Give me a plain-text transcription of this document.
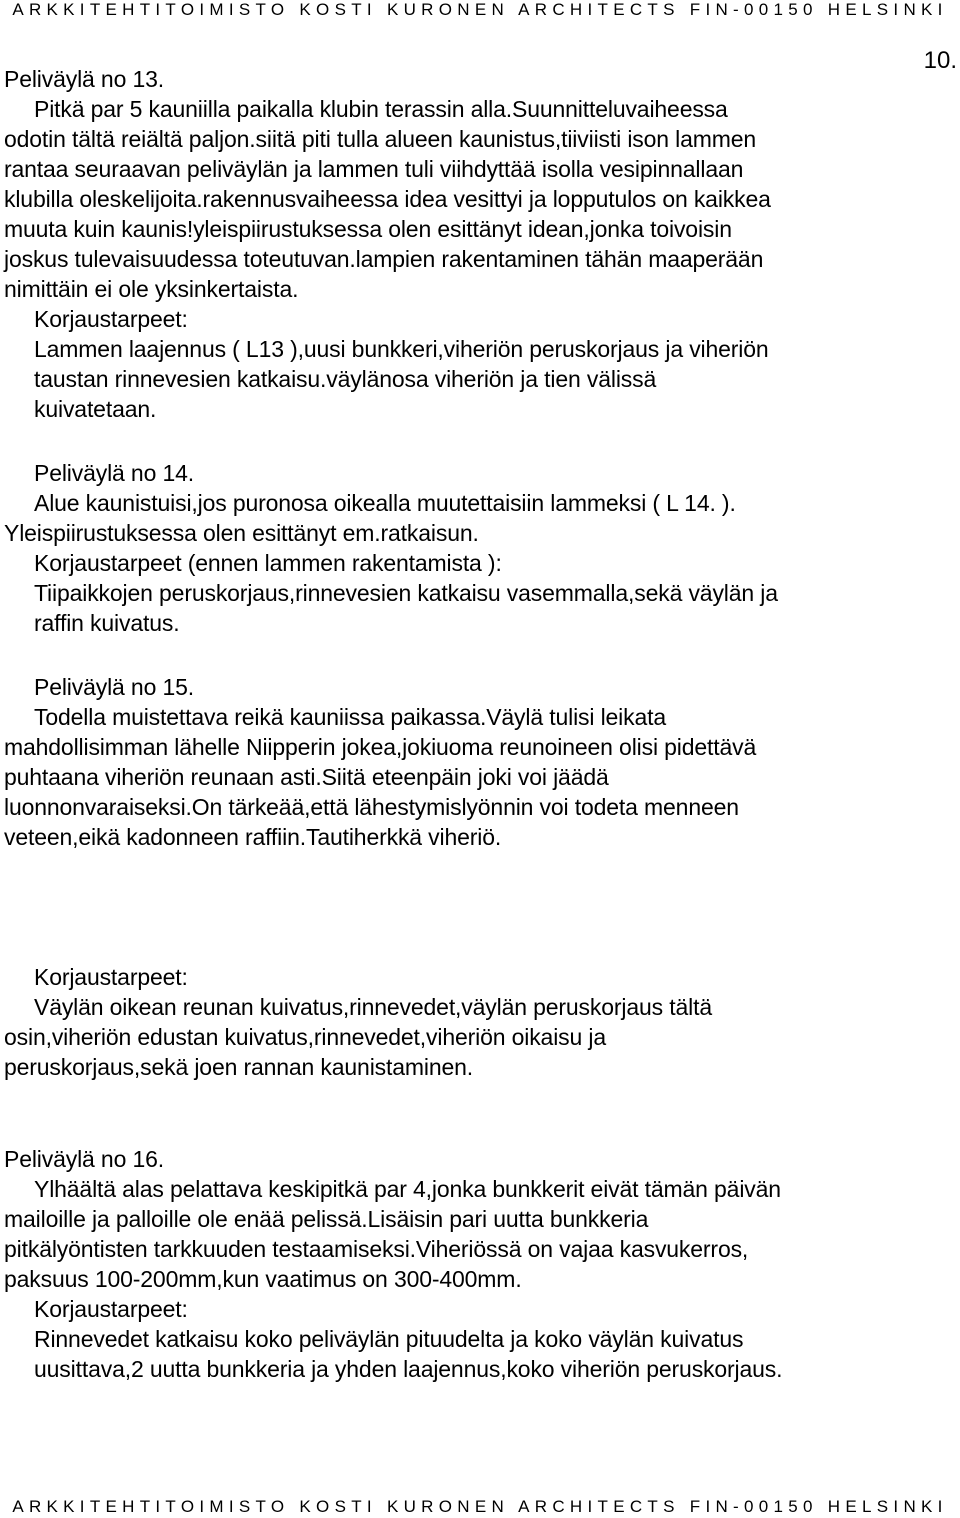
ARKKITEHTITOIMISTO KOSTI KURONEN ARCHITECTS FIN-00150 HELSINKI
10.
Peliväylä no 13.
Pitkä par 5 kauniilla paikalla klubin terassin alla.Suunnitteluvaiheessa
odotin tältä reiältä paljon.siitä piti tulla alueen kaunistus,tiiviisti ison lammen
rantaa seuraavan peliväylän ja lammen tuli viihdyttää isolla vesipinnallaan
klubilla oleskelijoita.rakennusvaiheessa idea vesittyi ja lopputulos on kaikkea
muuta kuin kaunis!yleispiirustuksessa olen esittänyt idean,jonka toivoisin
joskus tulevaisuudessa toteutuvan.lampien rakentaminen tähän maaperään
nimittäin ei ole yksinkertaista.
Korjaustarpeet:
Lammen laajennus ( L13 ),uusi bunkkeri,viheriön peruskorjaus ja viheriön
taustan rinnevesien katkaisu.väylänosa viheriön ja tien välissä
kuivatetaan.
Peliväylä no 14.
Alue kaunistuisi,jos puronosa oikealla muutettaisiin lammeksi ( L 14. ).
Yleispiirustuksessa olen esittänyt em.ratkaisun.
Korjaustarpeet (ennen lammen rakentamista ):
Tiipaikkojen peruskorjaus,rinnevesien katkaisu vasemmalla,sekä väylän ja
raffin kuivatus.
Peliväylä no 15.
Todella muistettava reikä kauniissa paikassa.Väylä tulisi leikata
mahdollisimman lähelle Niipperin jokea,jokiuoma reunoineen olisi pidettävä
puhtaana viheriön reunaan asti.Siitä eteenpäin joki voi jäädä
luonnonvaraiseksi.On tärkeää,että lähestymislyönnin voi todeta menneen
veteen,eikä kadonneen raffiin.Tautiherkkä viheriö.
Korjaustarpeet:
Väylän oikean reunan kuivatus,rinnevedet,väylän peruskorjaus tältä
osin,viheriön edustan kuivatus,rinnevedet,viheriön oikaisu ja
peruskorjaus,sekä joen rannan kaunistaminen.
Peliväylä no 16.
Ylhäältä alas pelattava keskipitkä par 4,jonka bunkkerit eivät tämän päivän
mailoille ja palloille ole enää pelissä.Lisäisin pari uutta bunkkeria
pitkälyöntisten tarkkuuden testaamiseksi.Viheriössä on vajaa kasvukerros,
paksuus 100-200mm,kun vaatimus on 300-400mm.
Korjaustarpeet:
Rinnevedet katkaisu koko peliväylän pituudelta ja koko väylän kuivatus
uusittava,2 uutta bunkkeria ja yhden laajennus,koko viheriön peruskorjaus.
ARKKITEHTITOIMISTO KOSTI KURONEN ARCHITECTS FIN-00150 HELSINKI
